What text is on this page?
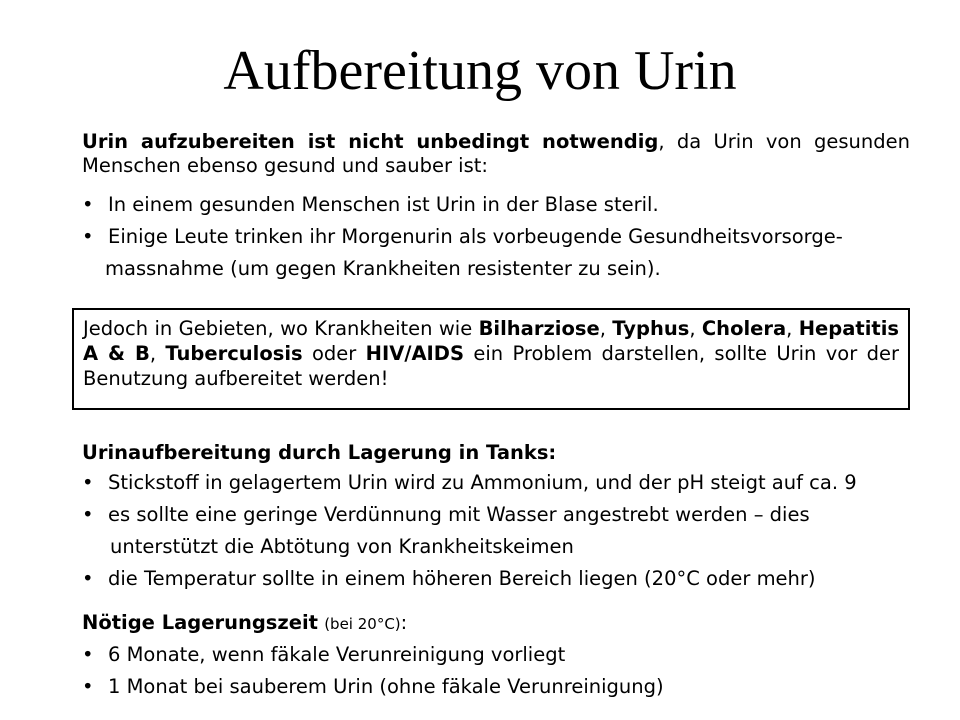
Aufbereitung von Urin

Urin aufzubereiten ist nicht unbedingt notwendig, da Urin von gesunden Menschen ebenso gesund und sauber ist:

• In einem gesunden Menschen ist Urin in der Blase steril.
• Einige Leute trinken ihr Morgenurin als vorbeugende Gesundheitsvorsorge-
massnahme (um gegen Krankheiten resistenter zu sein).

Jedoch in Gebieten, wo Krankheiten wie Bilharziose, Typhus, Cholera, Hepatitis A & B, Tuberculosis oder HIV/AIDS ein Problem darstellen, sollte Urin vor der Benutzung aufbereitet werden!

Urinaufbereitung durch Lagerung in Tanks:
• Stickstoff in gelagertem Urin wird zu Ammonium, und der pH steigt auf ca. 9
• es sollte eine geringe Verdünnung mit Wasser angestrebt werden – dies
unterstützt die Abtötung von Krankheitskeimen
• die Temperatur sollte in einem höheren Bereich liegen (20°C oder mehr)
Nötige Lagerungszeit (bei 20°C):
• 6 Monate, wenn fäkale Verunreinigung vorliegt
• 1 Monat bei sauberem Urin (ohne fäkale Verunreinigung)
